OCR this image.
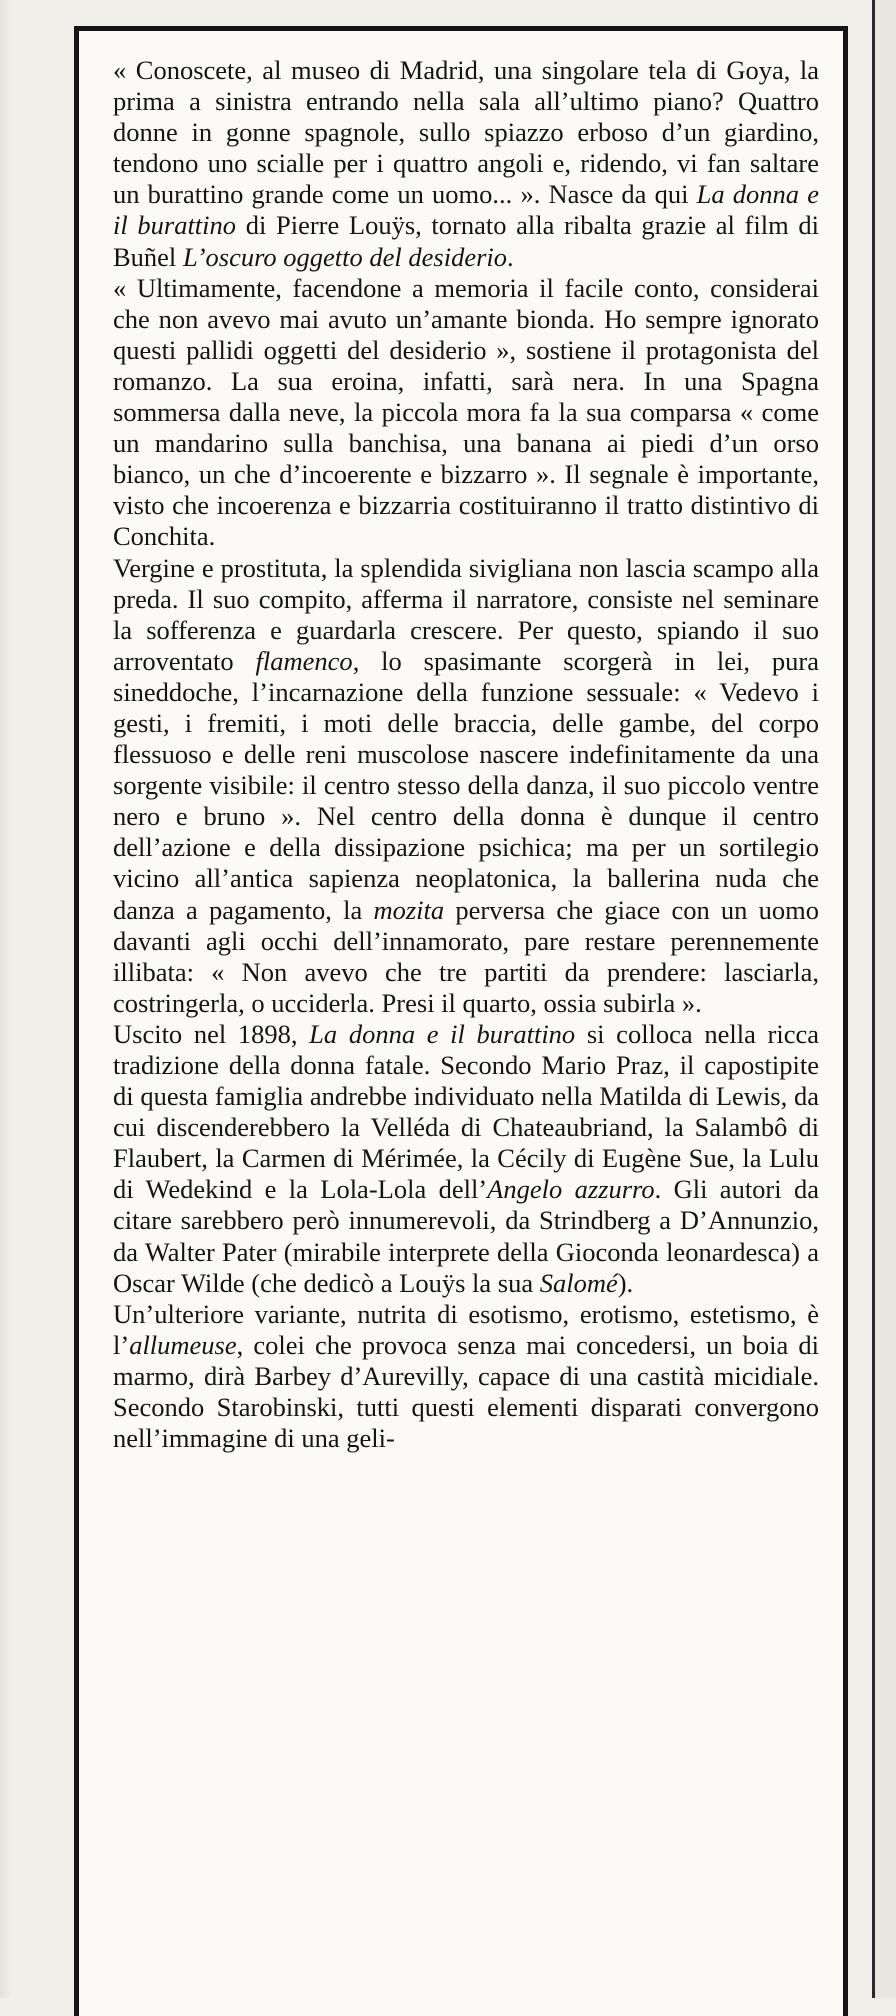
« Conoscete, al museo di Madrid, una singolare tela di Goya, la prima a sinistra entrando nella sala all’ultimo piano? Quattro donne in gonne spagnole, sullo spiazzo erboso d’un giardino, tendono uno scialle per i quattro angoli e, ridendo, vi fan saltare un burattino grande come un uomo... ». Nasce da qui La donna e il burattino di Pierre Louÿs, tornato alla ribalta grazie al film di Buñel L’oscuro oggetto del desiderio.

« Ultimamente, facendone a memoria il facile conto, considerai che non avevo mai avuto un’amante bionda. Ho sempre ignorato questi pallidi oggetti del desiderio », sostiene il protagonista del romanzo. La sua eroina, infatti, sarà nera. In una Spagna sommersa dalla neve, la piccola mora fa la sua comparsa « come un mandarino sulla banchisa, una banana ai piedi d’un orso bianco, un che d’incoerente e bizzarro ». Il segnale è importante, visto che incoerenza e bizzarria costituiranno il tratto distintivo di Conchita.

Vergine e prostituta, la splendida sivigliana non lascia scampo alla preda. Il suo compito, afferma il narratore, consiste nel seminare la sofferenza e guardarla crescere. Per questo, spiando il suo arroventato flamenco, lo spasimante scorgerà in lei, pura sineddoche, l’incarnazione della funzione sessuale: « Vedevo i gesti, i fremiti, i moti delle braccia, delle gambe, del corpo flessuoso e delle reni muscolose nascere indefinitamente da una sorgente visibile: il centro stesso della danza, il suo piccolo ventre nero e bruno ». Nel centro della donna è dunque il centro dell’azione e della dissipazione psichica; ma per un sortilegio vicino all’antica sapienza neoplatonica, la ballerina nuda che danza a pagamento, la mozita perversa che giace con un uomo davanti agli occhi dell’innamorato, pare restare perennemente illibata: « Non avevo che tre partiti da prendere: lasciarla, costringerla, o ucciderla. Presi il quarto, ossia subirla ».

Uscito nel 1898, La donna e il burattino si colloca nella ricca tradizione della donna fatale. Secondo Mario Praz, il capostipite di questa famiglia andrebbe individuato nella Matilda di Lewis, da cui discenderebbero la Velléda di Chateaubriand, la Salambô di Flaubert, la Carmen di Mérimée, la Cécily di Eugène Sue, la Lulu di Wedekind e la Lola-Lola dell’Angelo azzurro. Gli autori da citare sarebbero però innumerevoli, da Strindberg a D’Annunzio, da Walter Pater (mirabile interprete della Gioconda leonardesca) a Oscar Wilde (che dedicò a Louÿs la sua Salomé).

Un’ulteriore variante, nutrita di esotismo, erotismo, estetismo, è l’allumeuse, colei che provoca senza mai concedersi, un boia di marmo, dirà Barbey d’Aurevilly, capace di una castità micidiale. Secondo Starobinski, tutti questi elementi disparati convergono nell’immagine di una geli-
